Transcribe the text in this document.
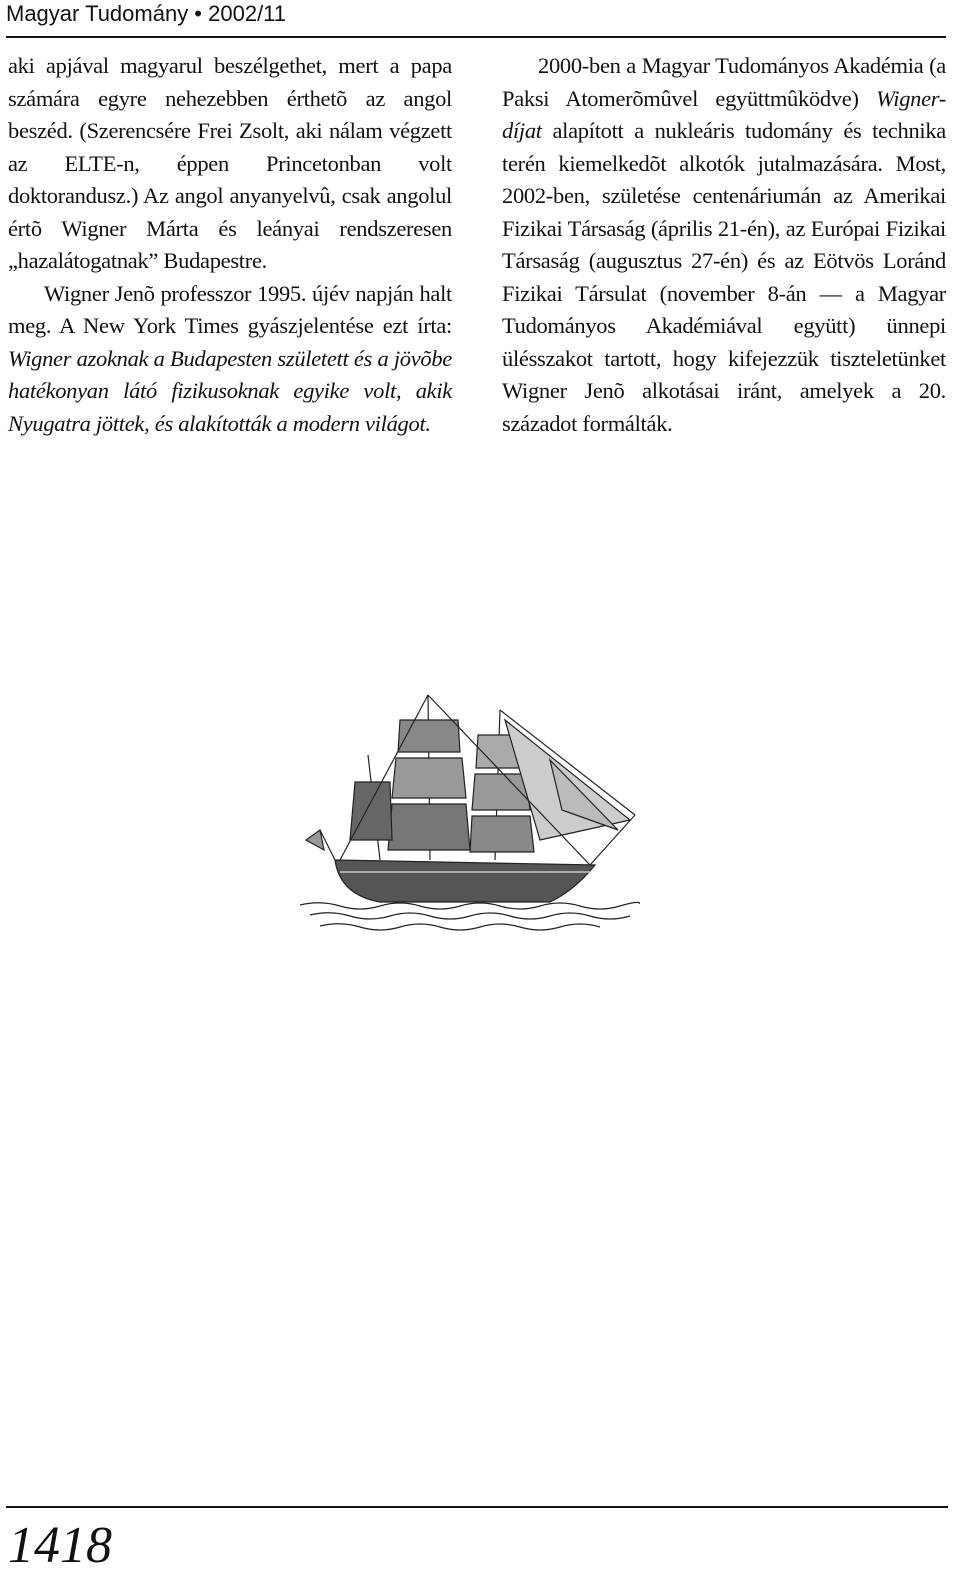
Magyar Tudomány • 2002/11

aki apjával magyarul beszélgethet, mert a papa számára egyre nehezebben érthetõ az angol beszéd. (Szerencsére Frei Zsolt, aki nálam végzett az ELTE-n, éppen Princetonban volt doktorandusz.) Az angol anyanyelvû, csak angolul értõ Wigner Márta és leányai rendszeresen „hazalátogatnak” Budapestre.

Wigner Jenõ professzor 1995. újév napján halt meg. A New York Times gyászjelentése ezt írta: Wigner azoknak a Budapesten született és a jövõbe hatékonyan látó fizikusoknak egyike volt, akik Nyugatra jöttek, és alakították a modern világot.

2000-ben a Magyar Tudományos Akadémia (a Paksi Atomerõmûvel együttmûködve) Wigner-díjat alapított a nukleáris tudomány és technika terén kiemelkedõt alkotók jutalmazására. Most, 2002-ben, születése centenáriumán az Amerikai Fizikai Társaság (április 21-én), az Európai Fizikai Társaság (augusztus 27-én) és az Eötvös Loránd Fizikai Társulat (november 8-án — a Magyar Tudományos Akadémiával együtt) ünnepi ülésszakot tartott, hogy kifejezzük tiszteletünket Wigner Jenõ alkotásai iránt, amelyek a 20. századot formálták.

1418
